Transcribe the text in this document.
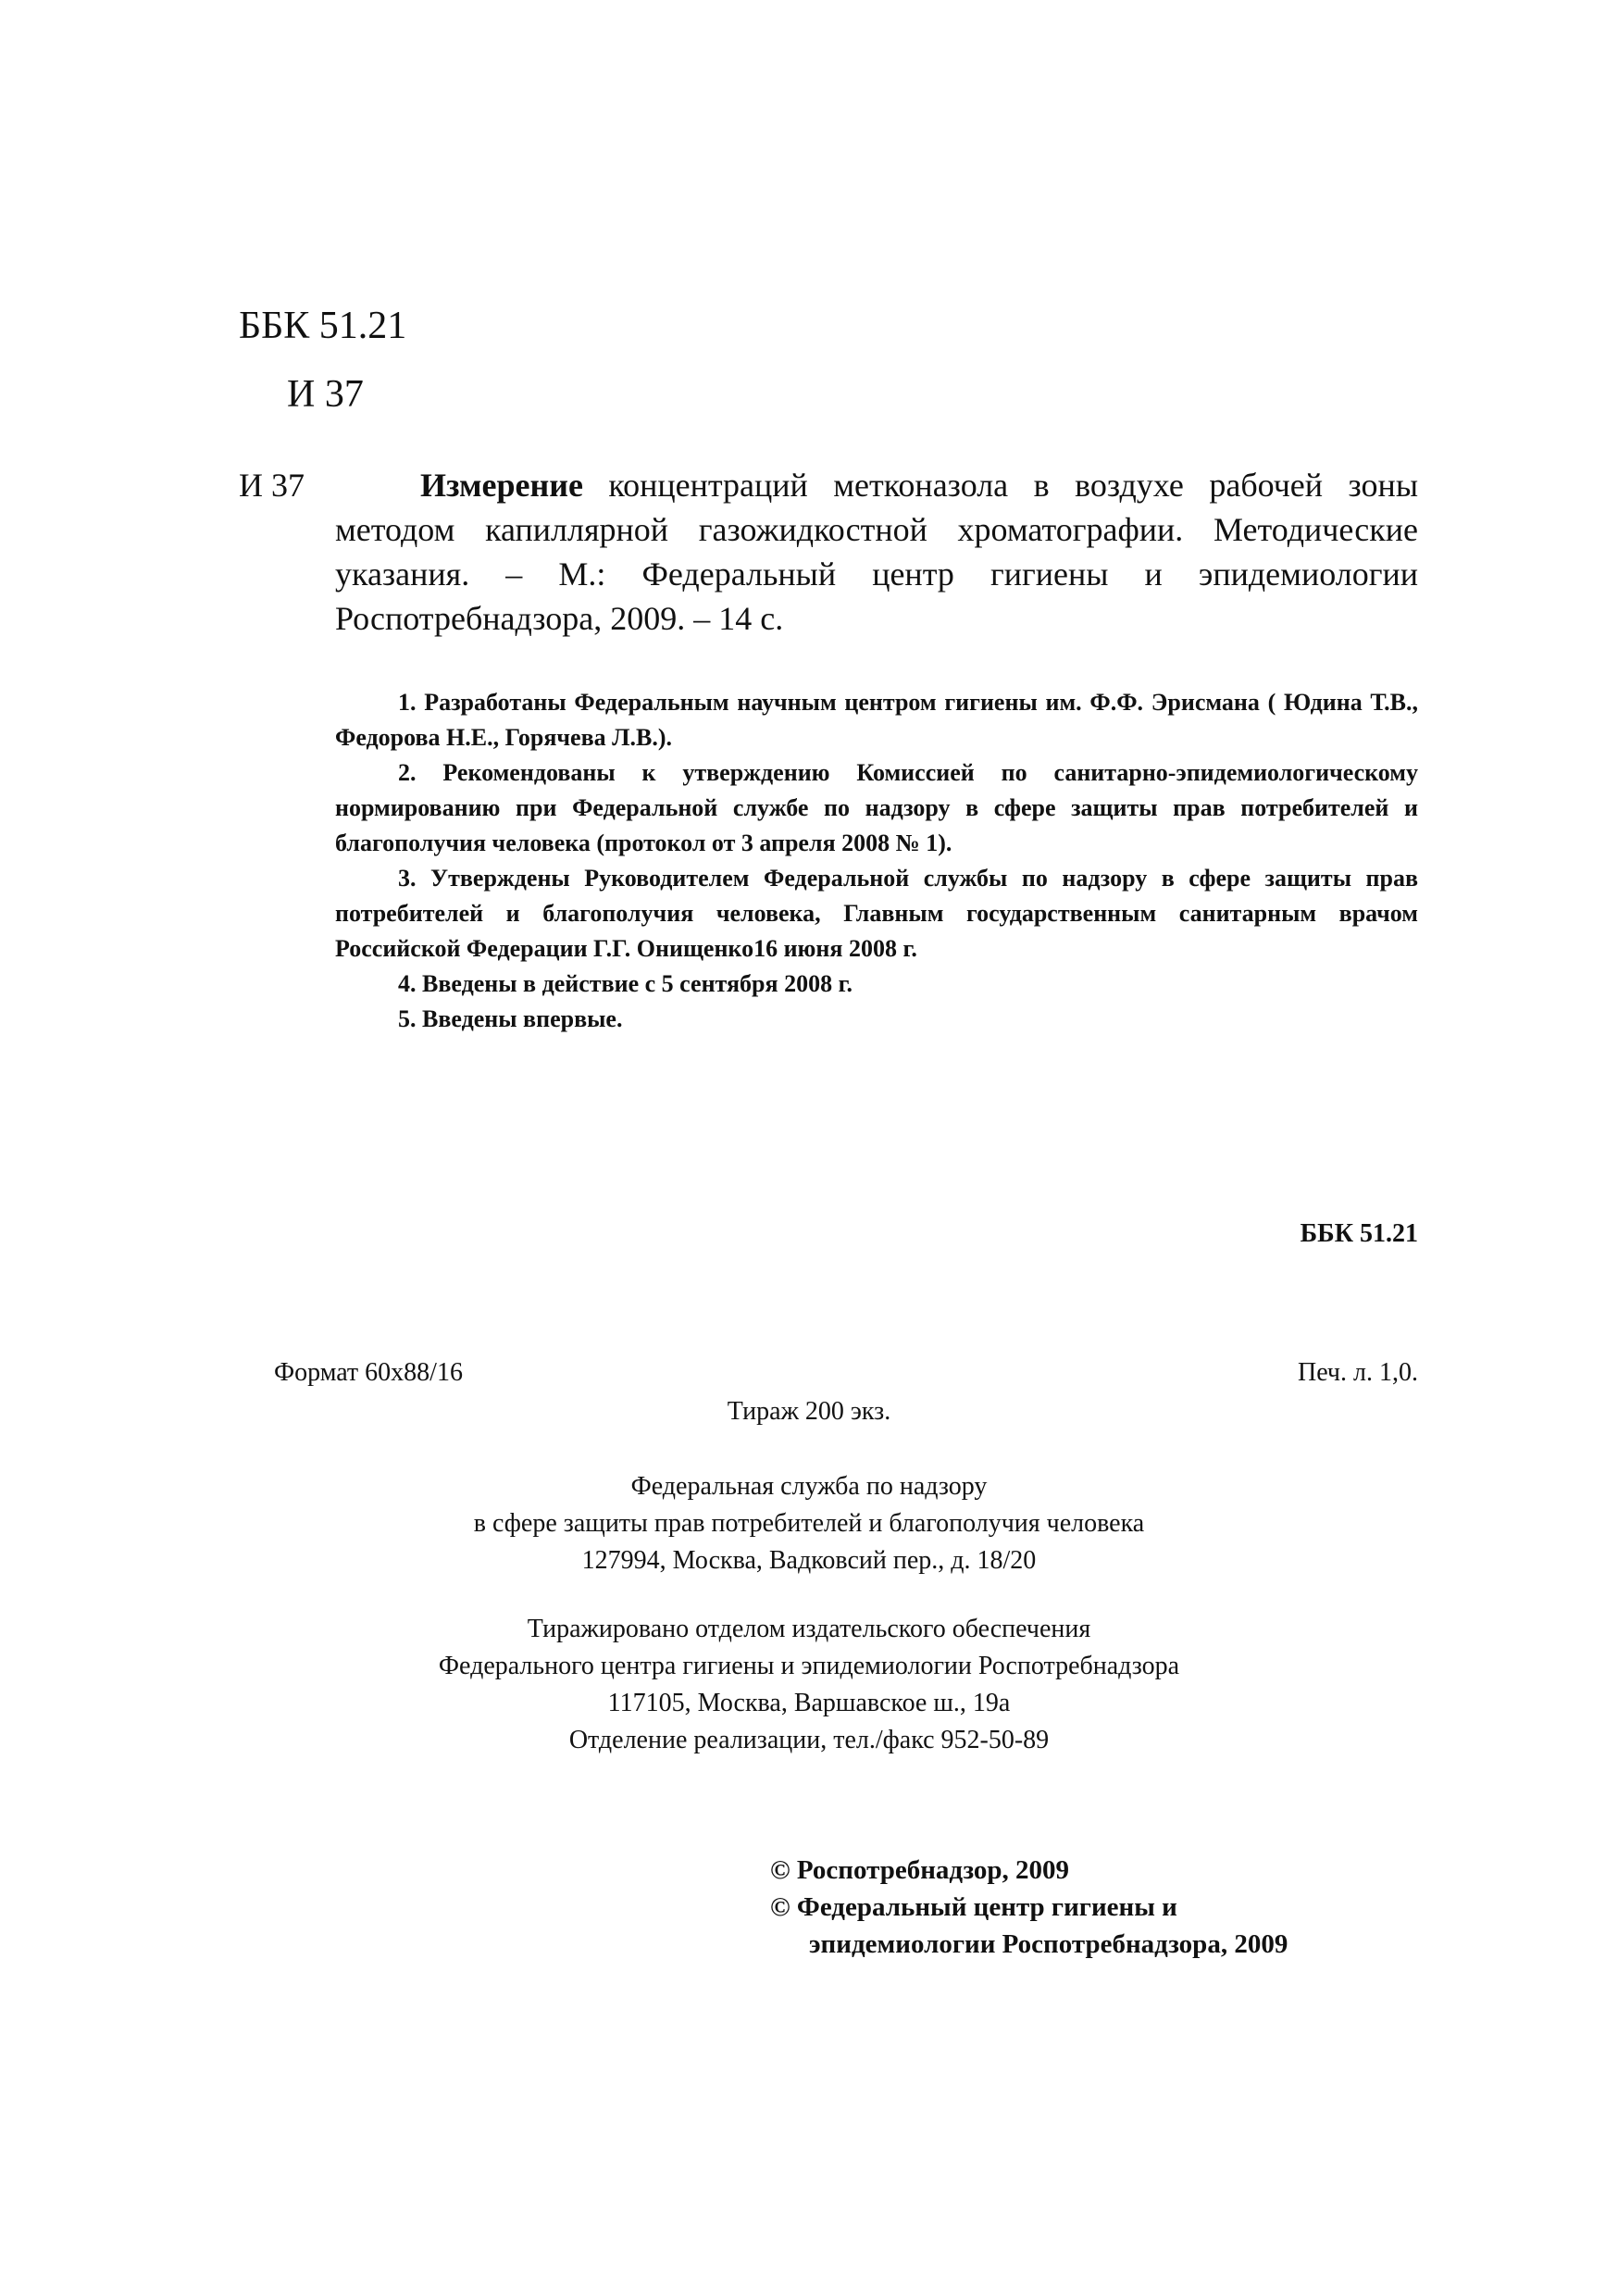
ББК 51.21
И 37
И 37	Измерение концентраций метконазола в воздухе рабочей зоны методом капиллярной газожидкостной хроматографии. Методические указания. – М.: Федеральный центр гигиены и эпидемиологии Роспотребнадзора, 2009. – 14 с.

1. Разработаны Федеральным научным центром гигиены им. Ф.Ф. Эрисмана ( Юдина Т.В., Федорова Н.Е., Горячева Л.В.).

2. Рекомендованы к утверждению Комиссией по санитарно-эпидемиологическому нормированию при Федеральной службе по надзору в сфере защиты прав потребителей и благополучия человека (протокол от 3 апреля 2008 № 1).

3. Утверждены Руководителем Федеральной службы по надзору в сфере защиты прав потребителей и благополучия человека, Главным государственным санитарным врачом Российской Федерации Г.Г. Онищенко16 июня 2008 г.

4. Введены в действие с 5 сентября 2008 г.

5. Введены впервые.

ББК 51.21
Формат 60х88/16	Печ. л. 1,0.
Тираж 200 экз.
Федеральная служба по надзору
в сфере защиты прав потребителей и благополучия человека
127994, Москва, Вадковсий пер., д. 18/20
Тиражировано отделом издательского обеспечения
Федерального центра гигиены и эпидемиологии Роспотребнадзора
117105, Москва, Варшавское ш., 19а
Отделение реализации, тел./факс 952-50-89
© Роспотребнадзор, 2009
© Федеральный центр гигиены и
эпидемиологии Роспотребнадзора, 2009
